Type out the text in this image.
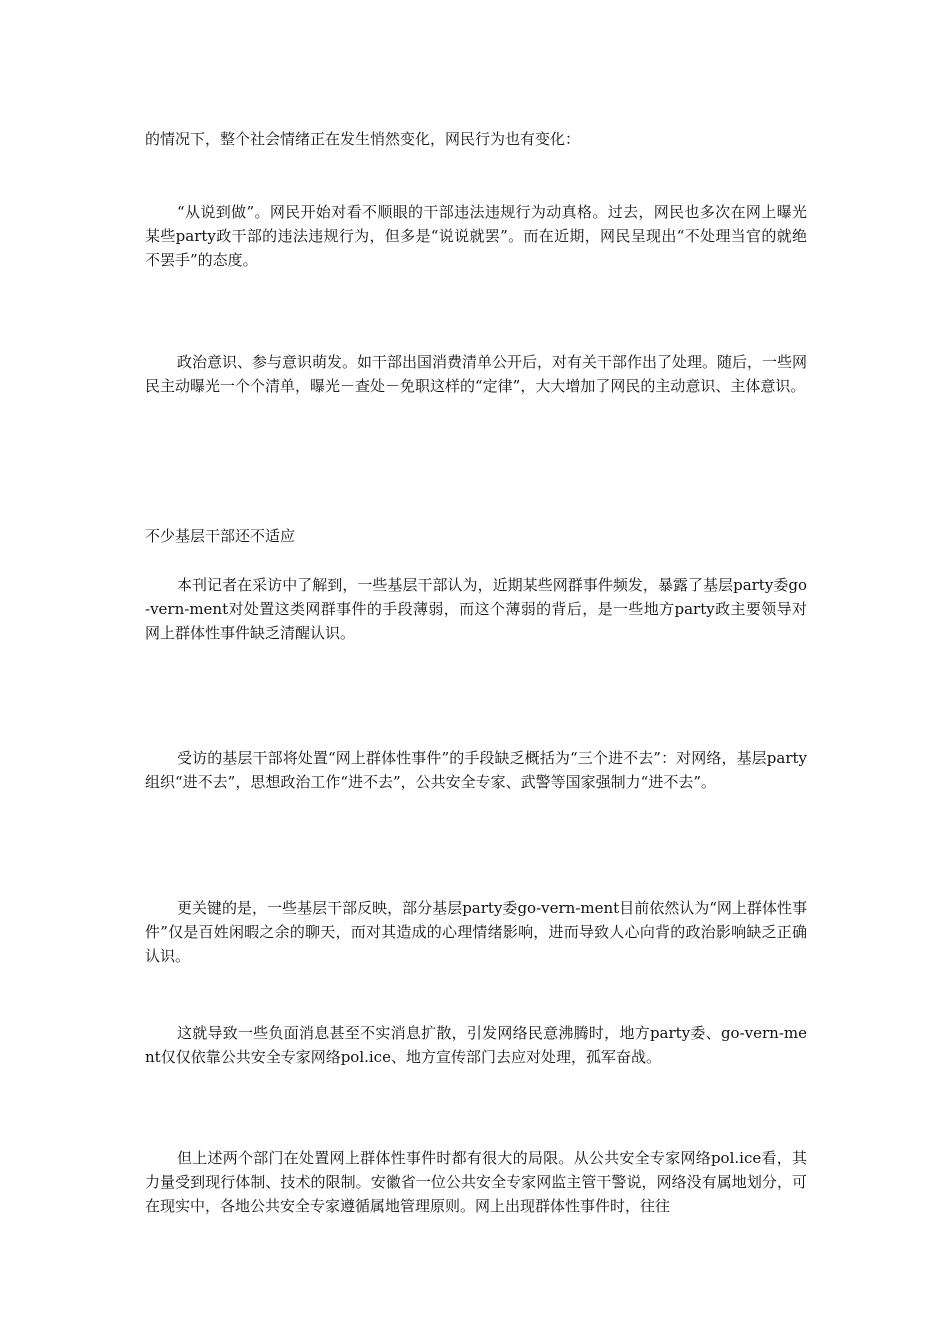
的情况下，整个社会情绪正在发生悄然变化，网民行为也有变化：

“从说到做”。网民开始对看不顺眼的干部违法违规行为动真格。过去，网民也多次在网上曝光某些party政干部的违法违规行为，但多是“说说就罢”。而在近期，网民呈现出“不处理当官的就绝不罢手”的态度。

政治意识、参与意识萌发。如干部出国消费清单公开后，对有关干部作出了处理。随后，一些网民主动曝光一个个清单，曝光－查处－免职这样的“定律”，大大增加了网民的主动意识、主体意识。

不少基层干部还不适应

本刊记者在采访中了解到，一些基层干部认为，近期某些网群事件频发，暴露了基层party委go-vern-ment对处置这类网群事件的手段薄弱，而这个薄弱的背后，是一些地方party政主要领导对网上群体性事件缺乏清醒认识。

受访的基层干部将处置“网上群体性事件”的手段缺乏概括为“三个进不去”：对网络，基层party组织“进不去”，思想政治工作“进不去”，公共安全专家、武警等国家强制力“进不去”。

更关键的是，一些基层干部反映，部分基层party委go-vern-ment目前依然认为“网上群体性事件”仅是百姓闲暇之余的聊天，而对其造成的心理情绪影响，进而导致人心向背的政治影响缺乏正确认识。

这就导致一些负面消息甚至不实消息扩散，引发网络民意沸腾时，地方party委、go-vern-ment仅仅依靠公共安全专家网络pol.ice、地方宣传部门去应对处理，孤军奋战。

但上述两个部门在处置网上群体性事件时都有很大的局限。从公共安全专家网络pol.ice看，其力量受到现行体制、技术的限制。安徽省一位公共安全专家网监主管干警说，网络没有属地划分，可在现实中，各地公共安全专家遵循属地管理原则。网上出现群体性事件时，往往
